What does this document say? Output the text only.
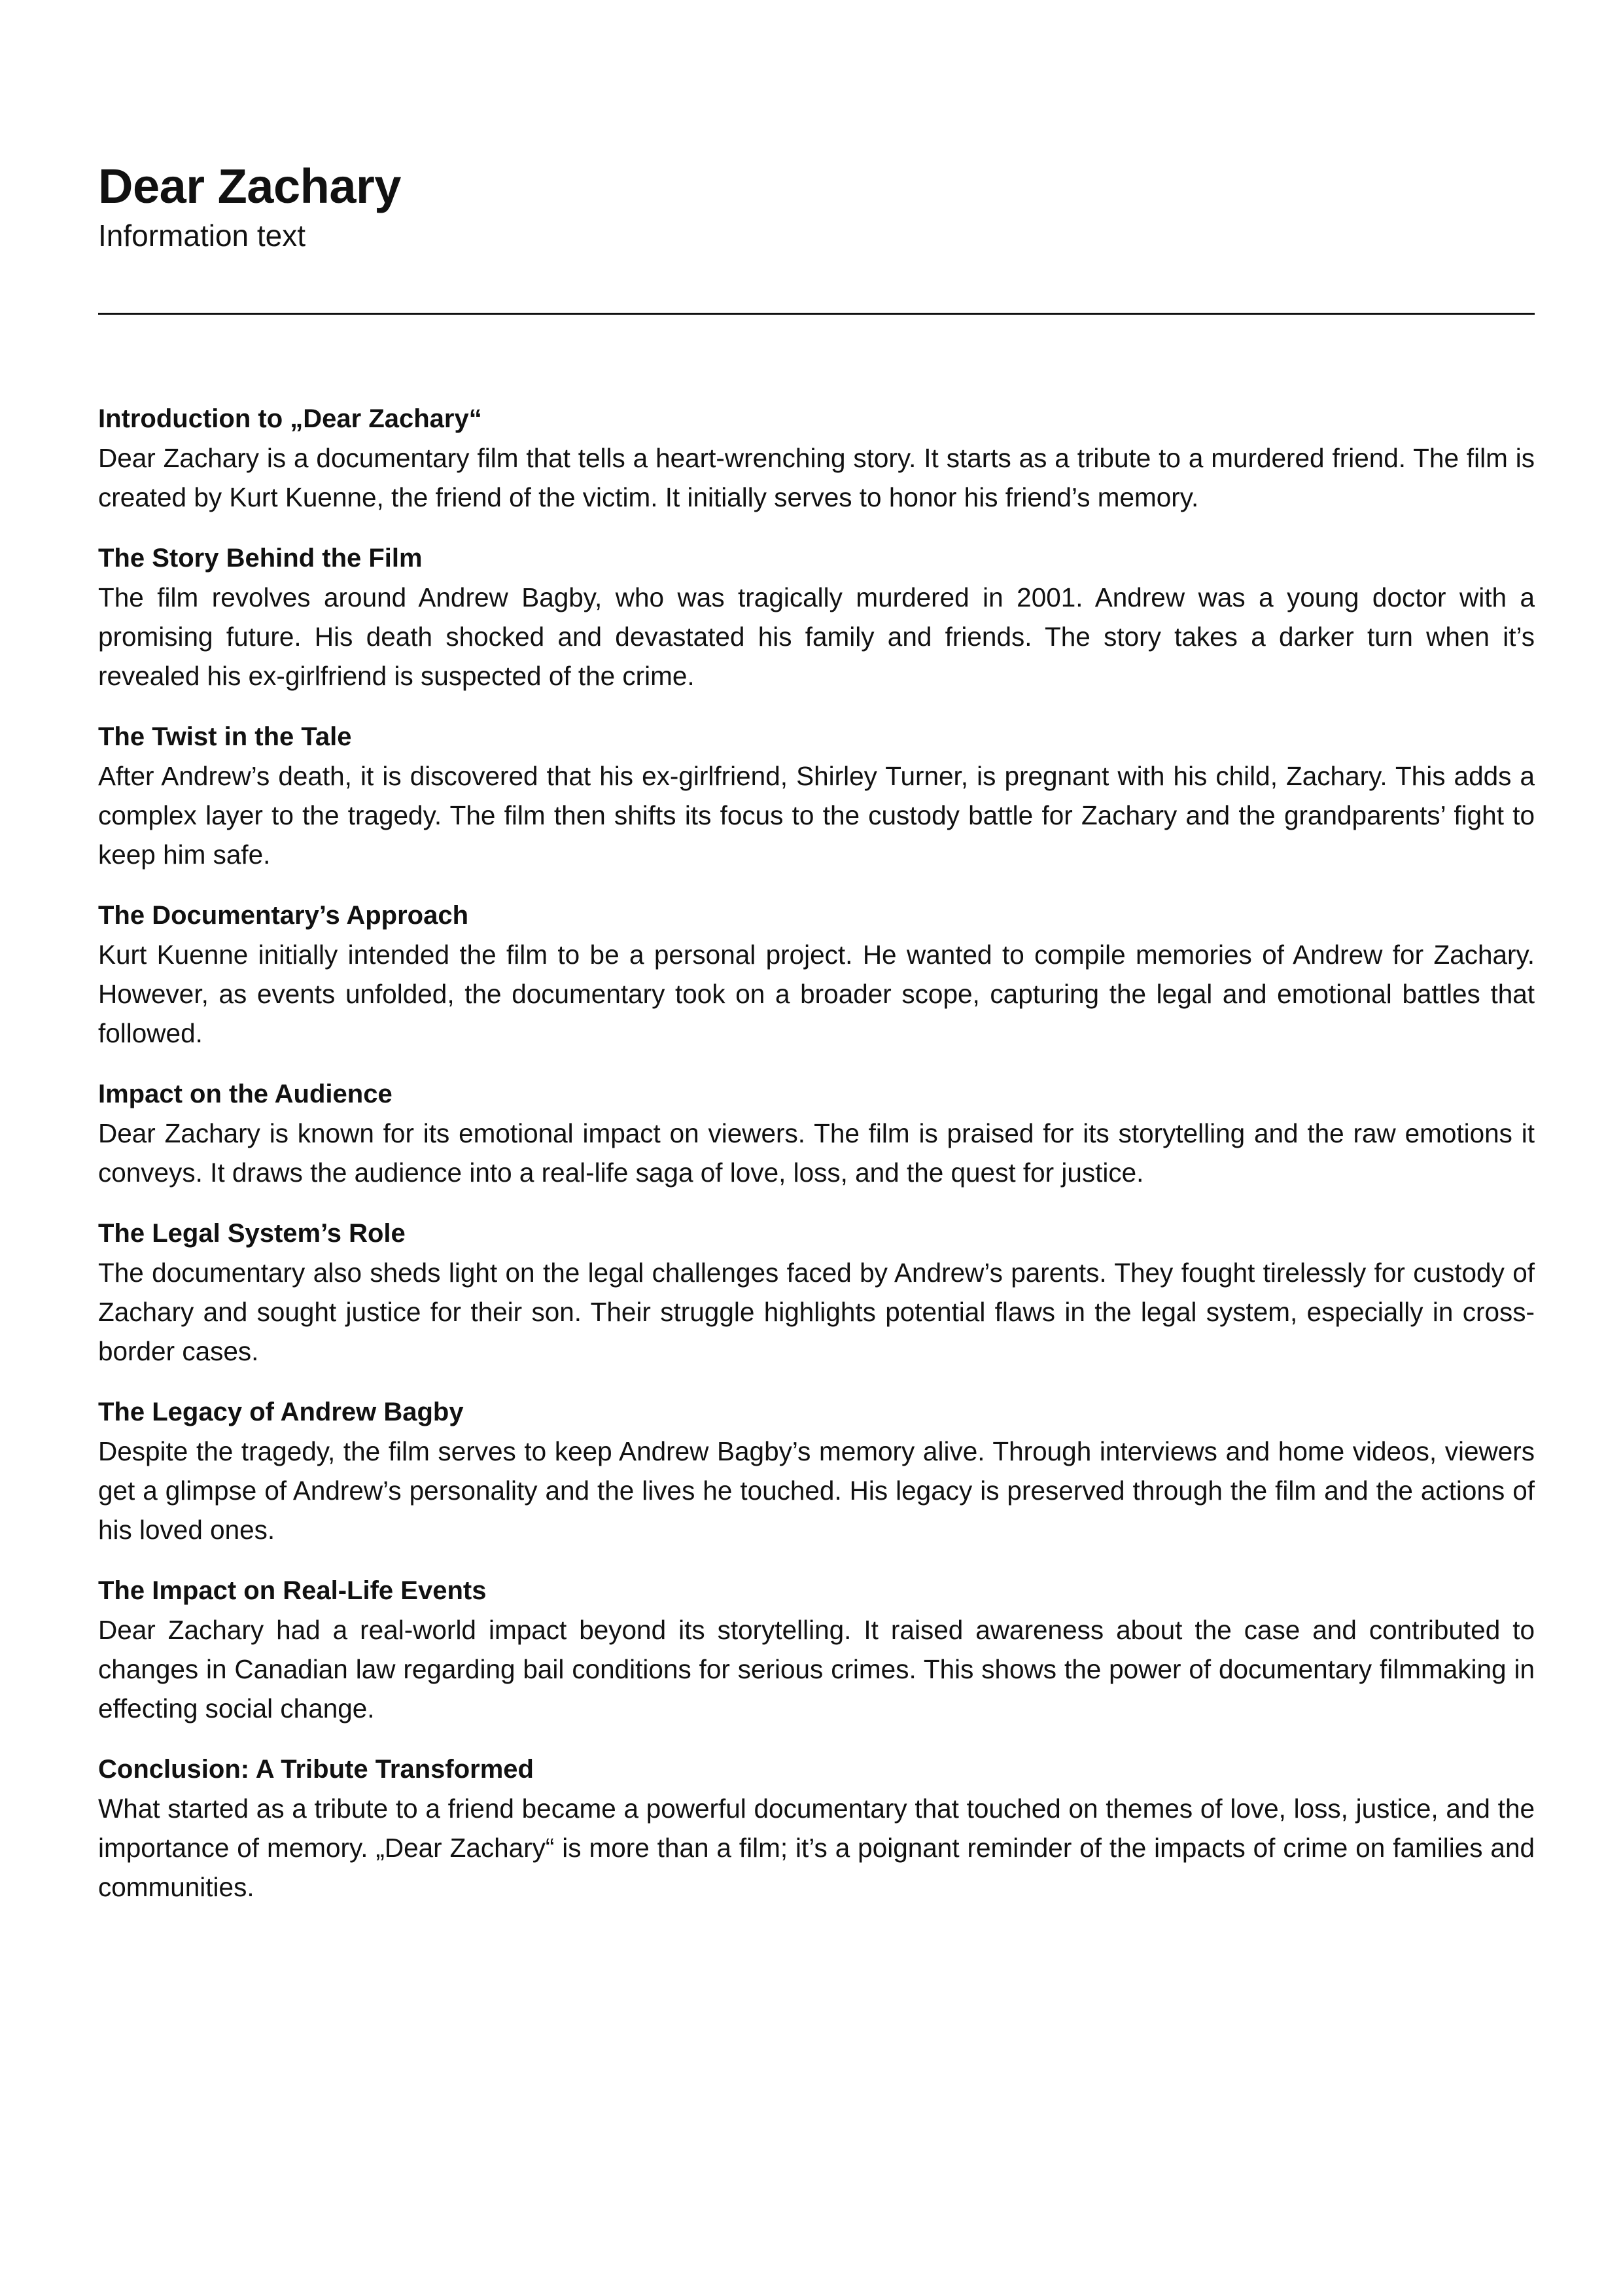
Dear Zachary

Information text

Introduction to „Dear Zachary“

Dear Zachary is a documentary film that tells a heart-wrenching story. It starts as a tribute to a murdered friend. The film is created by Kurt Kuenne, the friend of the victim. It initially serves to honor his friend’s memory.

The Story Behind the Film

The film revolves around Andrew Bagby, who was tragically murdered in 2001. Andrew was a young doctor with a promising future. His death shocked and devastated his family and friends. The story takes a darker turn when it’s revealed his ex-girlfriend is suspected of the crime.

The Twist in the Tale

After Andrew’s death, it is discovered that his ex-girlfriend, Shirley Turner, is pregnant with his child, Zachary. This adds a complex layer to the tragedy. The film then shifts its focus to the custody battle for Zachary and the grandparents’ fight to keep him safe.

The Documentary’s Approach

Kurt Kuenne initially intended the film to be a personal project. He wanted to compile memories of Andrew for Zachary. However, as events unfolded, the documentary took on a broader scope, capturing the legal and emotional battles that followed.

Impact on the Audience

Dear Zachary is known for its emotional impact on viewers. The film is praised for its storytelling and the raw emotions it conveys. It draws the audience into a real-life saga of love, loss, and the quest for justice.

The Legal System’s Role

The documentary also sheds light on the legal challenges faced by Andrew’s parents. They fought tirelessly for custody of Zachary and sought justice for their son. Their struggle highlights potential flaws in the legal system, especially in cross-border cases.

The Legacy of Andrew Bagby

Despite the tragedy, the film serves to keep Andrew Bagby’s memory alive. Through interviews and home videos, viewers get a glimpse of Andrew’s personality and the lives he touched. His legacy is preserved through the film and the actions of his loved ones.

The Impact on Real-Life Events

Dear Zachary had a real-world impact beyond its storytelling. It raised awareness about the case and contributed to changes in Canadian law regarding bail conditions for serious crimes. This shows the power of documentary filmmaking in effecting social change.

Conclusion: A Tribute Transformed

What started as a tribute to a friend became a powerful documentary that touched on themes of love, loss, justice, and the importance of memory. „Dear Zachary“ is more than a film; it’s a poignant reminder of the impacts of crime on families and communities.
